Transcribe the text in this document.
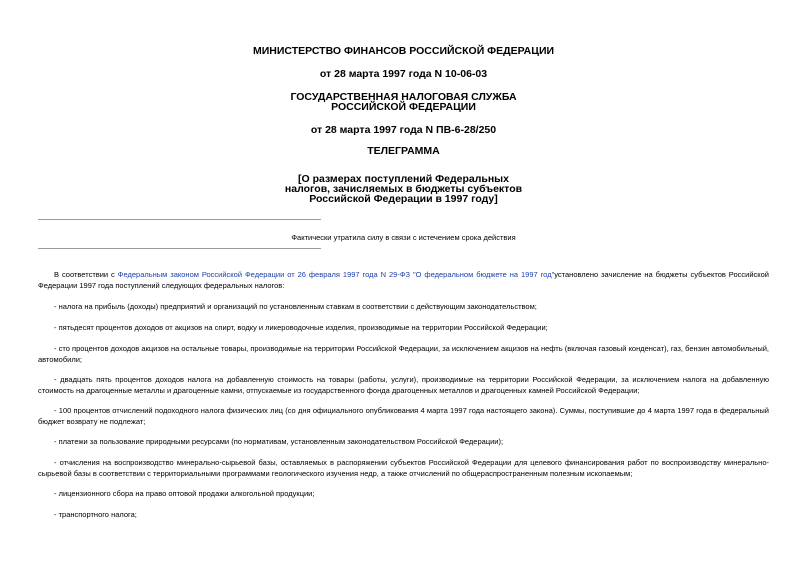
МИНИСТЕРСТВО ФИНАНСОВ РОССИЙСКОЙ ФЕДЕРАЦИИ
от 28 марта 1997 года N 10-06-03
ГОСУДАРСТВЕННАЯ НАЛОГОВАЯ СЛУЖБА
РОССИЙСКОЙ ФЕДЕРАЦИИ
от 28 марта 1997 года N ПВ-6-28/250
ТЕЛЕГРАММА
[О размерах поступлений Федеральных
налогов, зачисляемых в бюджеты субъектов
Российской Федерации в 1997 году]
Фактически утратила силу в связи с истечением срока действия
В соответствии с Федеральным законом Российской Федерации от 26 февраля 1997 года N 29-ФЗ "О федеральном бюджете на 1997 год"установлено зачисление на бюджеты субъектов Российской Федерации 1997 года поступлений следующих федеральных налогов:
- налога на прибыль (доходы) предприятий и организаций по установленным ставкам в соответствии с действующим законодательством;
- пятьдесят процентов доходов от акцизов на спирт, водку и ликероводочные изделия, производимые на территории Российской Федерации;
- сто процентов доходов акцизов на остальные товары, производимые на территории Российской Федерации, за исключением акцизов на нефть (включая газовый конденсат), газ, бензин автомобильный, автомобили;
- двадцать пять процентов доходов налога на добавленную стоимость на товары (работы, услуги), производимые на территории Российской Федерации, за исключением налога на добавленную стоимость на драгоценные металлы и драгоценные камни, отпускаемые из государственного фонда драгоценных металлов и драгоценных камней Российской Федерации;
- 100 процентов отчислений подоходного налога физических лиц (со дня официального опубликования 4 марта 1997 года настоящего закона). Суммы, поступившие до 4 марта 1997 года в федеральный бюджет возврату не подлежат;
- платежи за пользование природными ресурсами (по нормативам, установленным законодательством Российской Федерации);
- отчисления на воспроизводство минерально-сырьевой базы, оставляемых в распоряжении субъектов Российской Федерации для целевого финансирования работ по воспроизводству минерально-сырьевой базы в соответствии с территориальными программами геологического изучения недр, а также отчислений по общераспространенным полезным ископаемым;
- лицензионного сбора на право оптовой продажи алкогольной продукции;
- транспортного налога;
